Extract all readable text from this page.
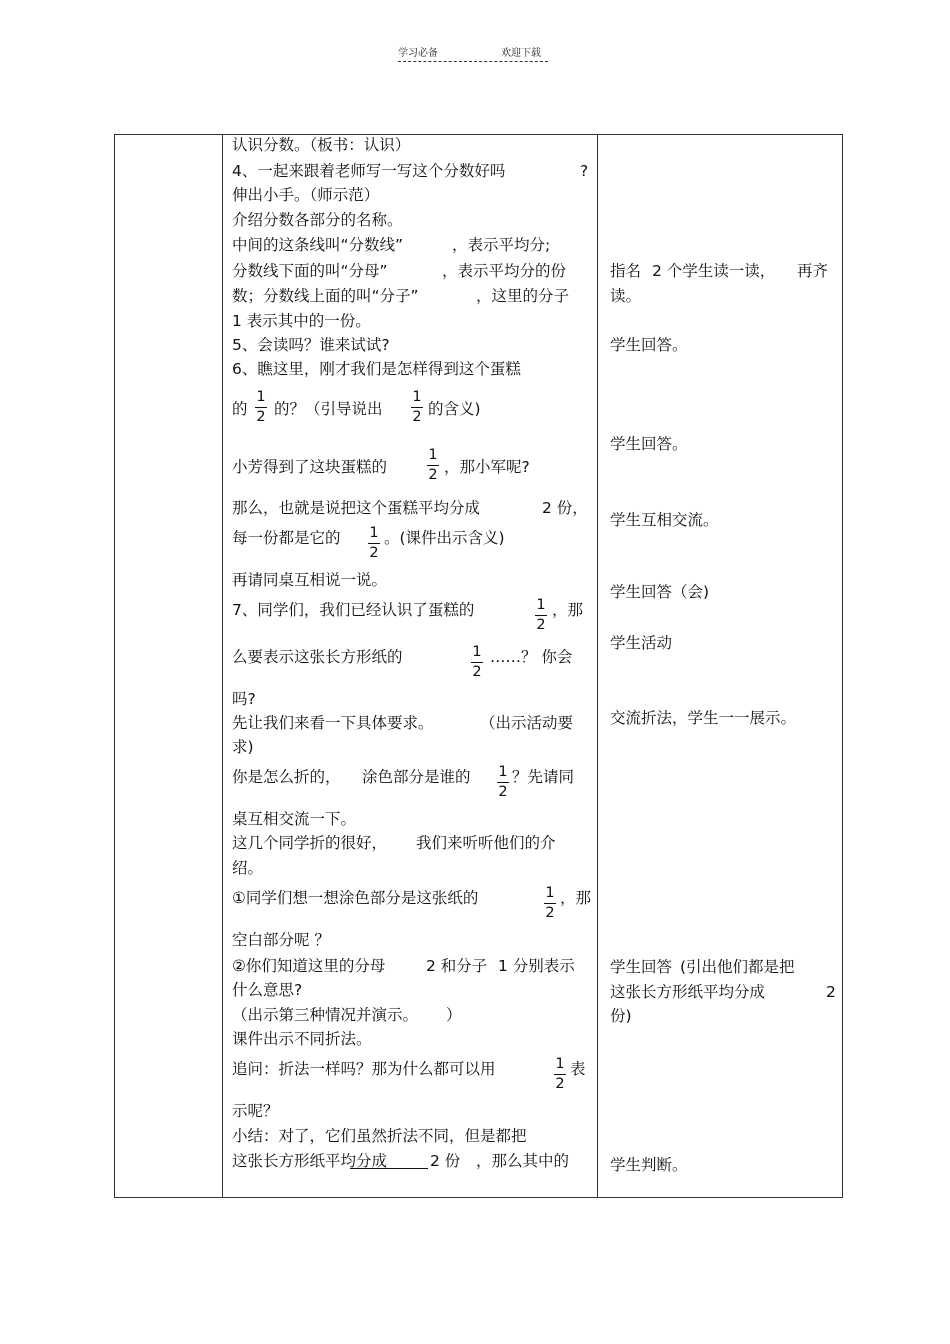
学习必备	欢迎下载
认识分数。（板书：认识）
4、一起来跟着老师写一写这个分数好吗	?
伸出小手。（师示范）
介绍分数各部分的名称。
中间的这条线叫“分数线”	，表示平均分;
分数线下面的叫“分母”	，表示平均分的份
数；分数线上面的叫“分子”	，这里的分子
1 表示其中的一份。
5、会读吗？谁来试试?
6、瞧这里，刚才我们是怎样得到这个蛋糕
的
1
2 的？（引导说出
1
2 的含义)
小芳得到了这块蛋糕的
1
2 ，那小军呢?
那么，也就是说把这个蛋糕平均分成	2 份，
每一份都是它的	1
2
。(课件出示含义)
再请同桌互相说一说。
7、同学们，我们已经认识了蛋糕的	1
2
，那
么要表示这张长方形纸的	1
2
……？ 你会
吗?
先让我们来看一下具体要求。	（出示活动要
求)
你是怎么折的， 涂色部分是谁的	1
2
？先请同
桌互相交流一下。
这几个同学折的很好， 我们来听听他们的介
绍。
①同学们想一想涂色部分是这张纸的	1
2
，那
空白部分呢 ？
②你们知道这里的分母	2 和分子 1 分别表示
什么意思?
（出示第三种情况并演示。 ）
课件出示不同折法。
追问：折法一样吗？那为什么都可以用	1
2
表
示呢？
小结：对了，它们虽然折法不同，但是都把
这张长方形纸平均分成	2 份 ，那么其中的
指名 2 个学生读一读， 再齐
读。
学生回答。
学生回答。
学生互相交流。
学生回答（会)
学生活动
交流折法，学生一一展示。
学生回答 (引出他们都是把
这张长方形纸平均分成	2
份)
学生判断。
